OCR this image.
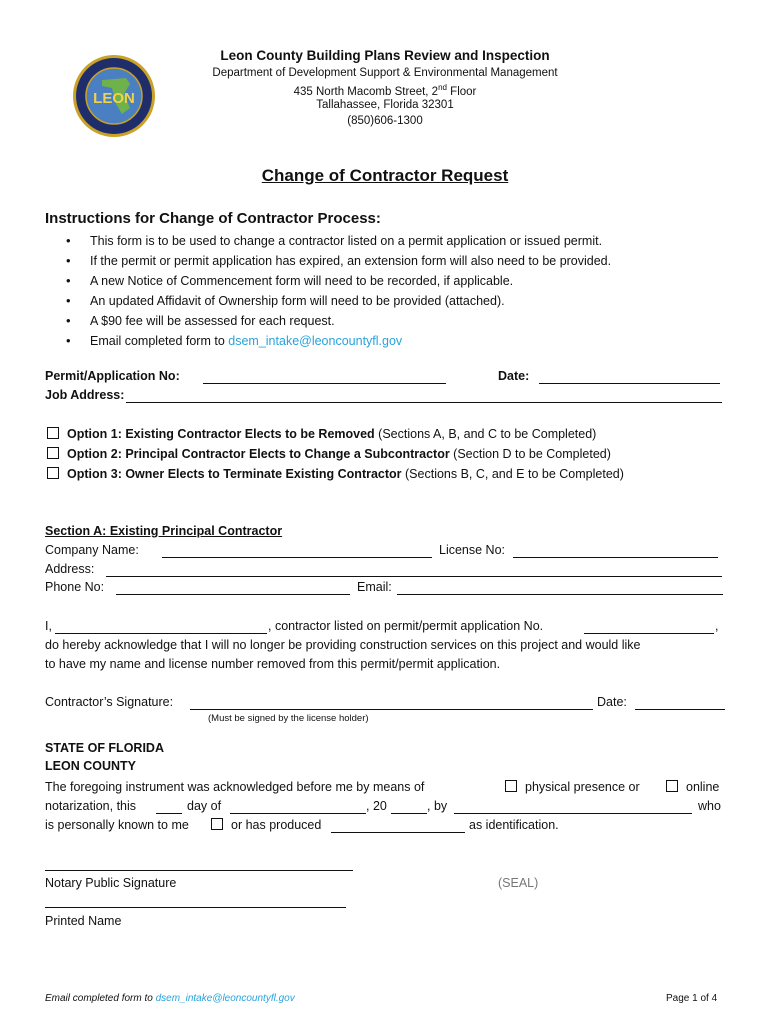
LEON
Leon County Building Plans Review and Inspection
Department of Development Support & Environmental Management
435 North Macomb Street, 2nd Floor
Tallahassee, Florida 32301
(850)606-1300
Change of Contractor Request
Instructions for Change of Contractor Process:
•	This form is to be used to change a contractor listed on a permit application or issued permit.
•	If the permit or permit application has expired, an extension form will also need to be provided.
•	A new Notice of Commencement form will need to be recorded, if applicable.
•	An updated Affidavit of Ownership form will need to be provided (attached).
•	A $90 fee will be assessed for each request.
•	Email completed form to
dsem_intake@leoncountyfl.gov
Permit/Application No:	Date:
Job Address:
Option 1: Existing Contractor Elects to be Removed (Sections A, B, and C to be Completed)
Option 2: Principal Contractor Elects to Change a Subcontractor (Section D to be Completed)
Option 3: Owner Elects to Terminate Existing Contractor (Sections B, C, and E to be Completed)
Section A: Existing Principal Contractor
Company Name:	License No:
Address:
Phone No:	Email:
I,	, contractor listed on permit/permit application No.	,
do hereby acknowledge that I will no longer be providing construction services on this project and would like
to have my name and license number removed from this permit/permit application.
Contractor’s Signature:	Date:
(Must be signed by the license holder)
STATE OF FLORIDA
LEON COUNTY
The foregoing instrument was acknowledged before me by means of	physical presence or	online
notarization, this	day of	, 20	, by	who
is personally known to me	or has produced	as identification.
Notary Public Signature	(SEAL)
Printed Name
Email completed form to dsem_intake@leoncountyfl.gov	Page 1 of 4
